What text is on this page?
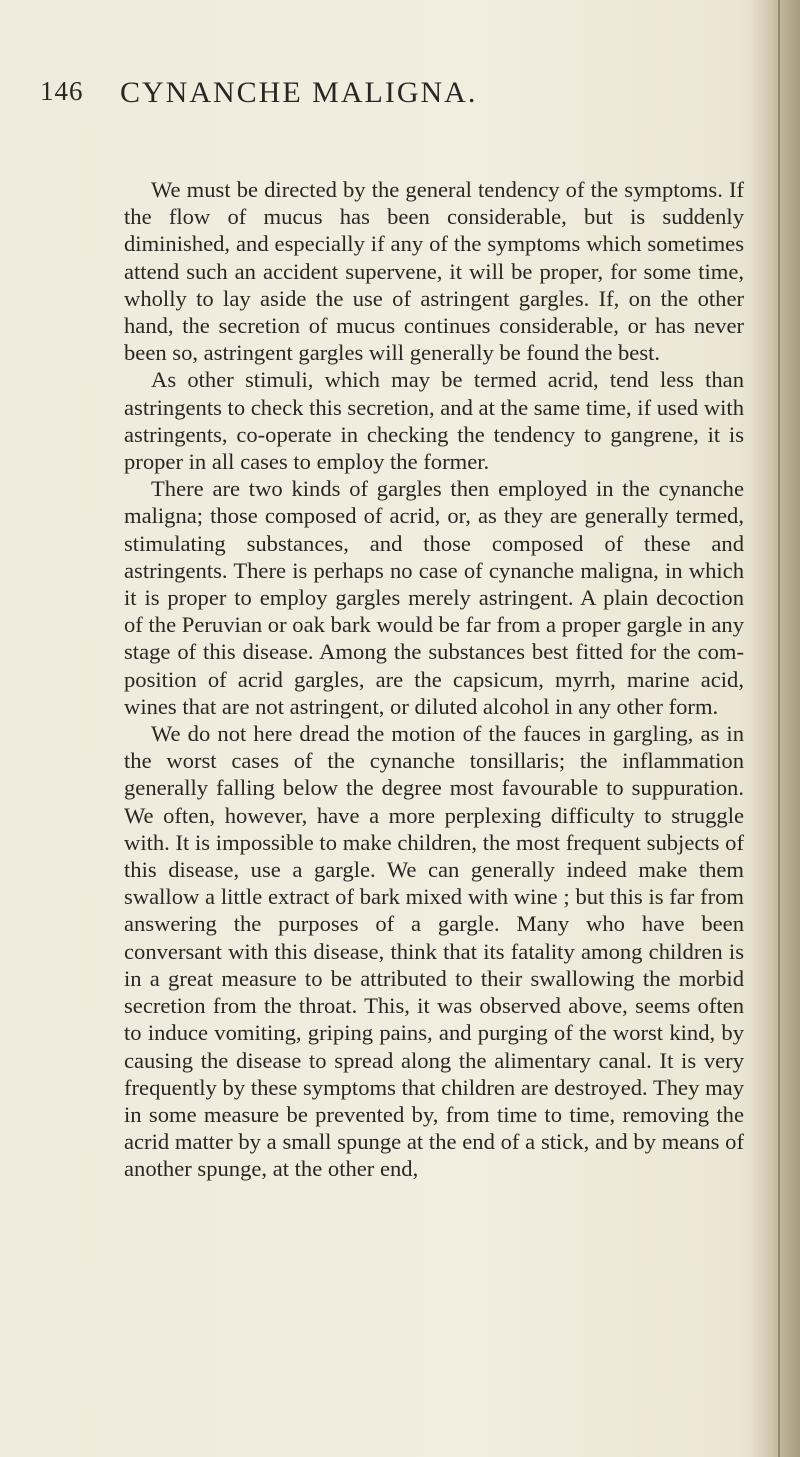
146 CYNANCHE MALIGNA.

We must be directed by the general tendency of the symptoms. If the flow of mucus has been considerable, but is suddenly diminished, and especially if any of the symptoms which sometimes attend such an accident supervene, it will be proper, for some time, wholly to lay aside the use of astringent gargles. If, on the other hand, the secretion of mucus continues considerable, or has never been so, astringent gargles will generally be found the best.

As other stimuli, which may be termed acrid, tend less than astringents to check this secretion, and at the same time, if used with astringents, co-operate in checking the tendency to gangrene, it is proper in all cases to employ the former.

There are two kinds of gargles then employed in the cynanche maligna; those composed of acrid, or, as they are generally termed, stimulating substances, and those composed of these and astringents. There is perhaps no case of cynanche maligna, in which it is proper to employ gargles merely astringent. A plain decoction of the Peruvian or oak bark would be far from a proper gargle in any stage of this disease. Among the substances best fitted for the composition of acrid gargles, are the capsicum, myrrh, marine acid, wines that are not astringent, or diluted alcohol in any other form.

We do not here dread the motion of the fauces in gargling, as in the worst cases of the cynanche tonsillaris; the inflammation generally falling below the degree most favourable to suppuration. We often, however, have a more perplexing difficulty to struggle with. It is impossible to make children, the most frequent subjects of this disease, use a gargle. We can generally indeed make them swallow a little extract of bark mixed with wine ; but this is far from answering the purposes of a gargle. Many who have been conversant with this disease, think that its fatality among children is in a great measure to be attributed to their swallowing the morbid secretion from the throat. This, it was observed above, seems often to induce vomiting, griping pains, and purging of the worst kind, by causing the disease to spread along the alimentary canal. It is very frequently by these symptoms that children are destroyed. They may in some measure be prevented by, from time to time, removing the acrid matter by a small spunge at the end of a stick, and by means of another spunge, at the other end,
